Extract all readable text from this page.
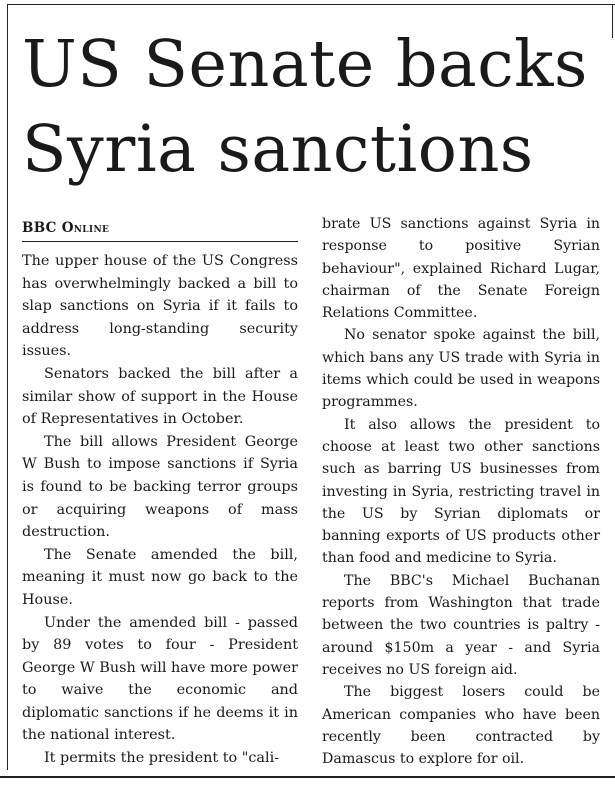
US Senate backs Syria sanctions
BBC Online

The upper house of the US Congress has overwhelmingly backed a bill to slap sanctions on Syria if it fails to address long-standing security issues.

Senators backed the bill after a similar show of support in the House of Representatives in October.

The bill allows President George W Bush to impose sanctions if Syria is found to be backing terror groups or acquiring weapons of mass destruction.

The Senate amended the bill, meaning it must now go back to the House.

Under the amended bill - passed by 89 votes to four - President George W Bush will have more power to waive the economic and diplomatic sanctions if he deems it in the national interest.

It permits the president to "cali-

brate US sanctions against Syria in response to positive Syrian behaviour", explained Richard Lugar, chairman of the Senate Foreign Relations Committee.

No senator spoke against the bill, which bans any US trade with Syria in items which could be used in weapons programmes.

It also allows the president to choose at least two other sanctions such as barring US businesses from investing in Syria, restricting travel in the US by Syrian diplomats or banning exports of US products other than food and medicine to Syria.

The BBC's Michael Buchanan reports from Washington that trade between the two countries is paltry - around $150m a year - and Syria receives no US foreign aid.

The biggest losers could be American companies who have been recently been contracted by Damascus to explore for oil.
